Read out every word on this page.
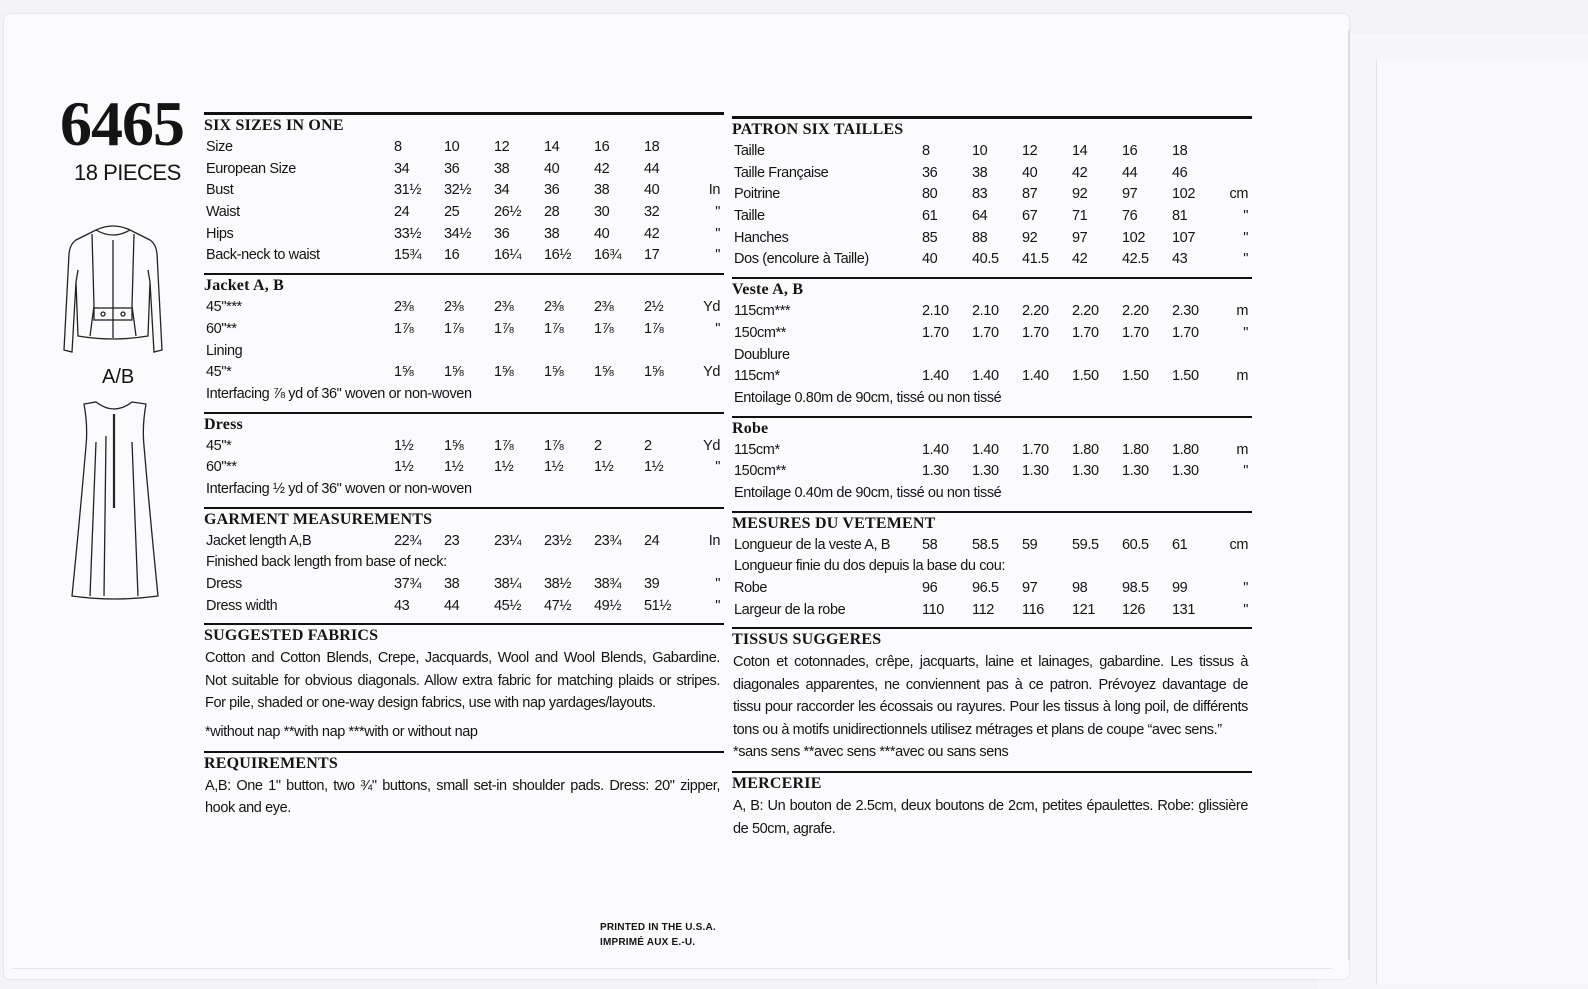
6465
18 PIECES
A/B
SIX SIZES IN ONE
Size	8	10	12	14	16	18
European Size	34	36	38	40	42	44
Bust	31½	32½	34	36	38	40	In
Waist	24	25	26½	28	30	32	"
Hips	33½	34½	36	38	40	42	"
Back-neck to waist	15¾	16	16¼	16½	16¾	17	"
Jacket A, B
45"***	2⅜	2⅜	2⅜	2⅜	2⅜	2½	Yd
60"**	1⅞	1⅞	1⅞	1⅞	1⅞	1⅞	"
Lining
45"*	1⅝	1⅝	1⅝	1⅝	1⅝	1⅝	Yd
Interfacing ⅞ yd of 36" woven or non-woven
Dress
45"*	1½	1⅝	1⅞	1⅞	2	2	Yd
60"**	1½	1½	1½	1½	1½	1½	"
Interfacing ½ yd of 36" woven or non-woven
GARMENT MEASUREMENTS
Jacket length A,B	22¾	23	23¼	23½	23¾	24	In
Finished back length from base of neck:
Dress	37¾	38	38¼	38½	38¾	39	"
Dress width	43	44	45½	47½	49½	51½	"
SUGGESTED FABRICS
Cotton and Cotton Blends, Crepe, Jacquards, Wool and Wool Blends, Gabardine. Not suitable for obvious diagonals. Allow extra fabric for matching plaids or stripes. For pile, shaded or one-way design fabrics, use with nap yardages/layouts.
*without nap **with nap ***with or without nap
REQUIREMENTS
A,B: One 1" button, two ¾" buttons, small set-in shoulder pads. Dress: 20" zipper, hook and eye.
PATRON SIX TAILLES
Taille	8	10	12	14	16	18
Taille Française	36	38	40	42	44	46
Poitrine	80	83	87	92	97	102	cm
Taille	61	64	67	71	76	81	"
Hanches	85	88	92	97	102	107	"
Dos (encolure à Taille)	40	40.5	41.5	42	42.5	43	"
Veste A, B
115cm***	2.10	2.10	2.20	2.20	2.20	2.30	m
150cm**	1.70	1.70	1.70	1.70	1.70	1.70	"
Doublure
115cm*	1.40	1.40	1.40	1.50	1.50	1.50	m
Entoilage 0.80m de 90cm, tissé ou non tissé
Robe
115cm*	1.40	1.40	1.70	1.80	1.80	1.80	m
150cm**	1.30	1.30	1.30	1.30	1.30	1.30	"
Entoilage 0.40m de 90cm, tissé ou non tissé
MESURES DU VETEMENT
Longueur de la veste A, B 58	58.5	59	59.5	60.5	61	cm
Longueur finie du dos depuis la base du cou:
Robe	96	96.5	97	98	98.5	99	"
Largeur de la robe	110	112	116	121	126	131	"
TISSUS SUGGERES
Coton et cotonnades, crêpe, jacquarts, laine et lainages, gabardine. Les tissus à diagonales apparentes, ne conviennent pas à ce patron. Prévoyez davantage de tissu pour raccorder les écossais ou rayures. Pour les tissus à long poil, de différents tons ou à motifs unidirectionnels utilisez métrages et plans de coupe “avec sens.”
*sans sens **avec sens ***avec ou sans sens
MERCERIE
A, B: Un bouton de 2.5cm, deux boutons de 2cm, petites épaulettes. Robe: glissière de 50cm, agrafe.
PRINTED IN THE U.S.A.
IMPRIMÉ AUX E.-U.
